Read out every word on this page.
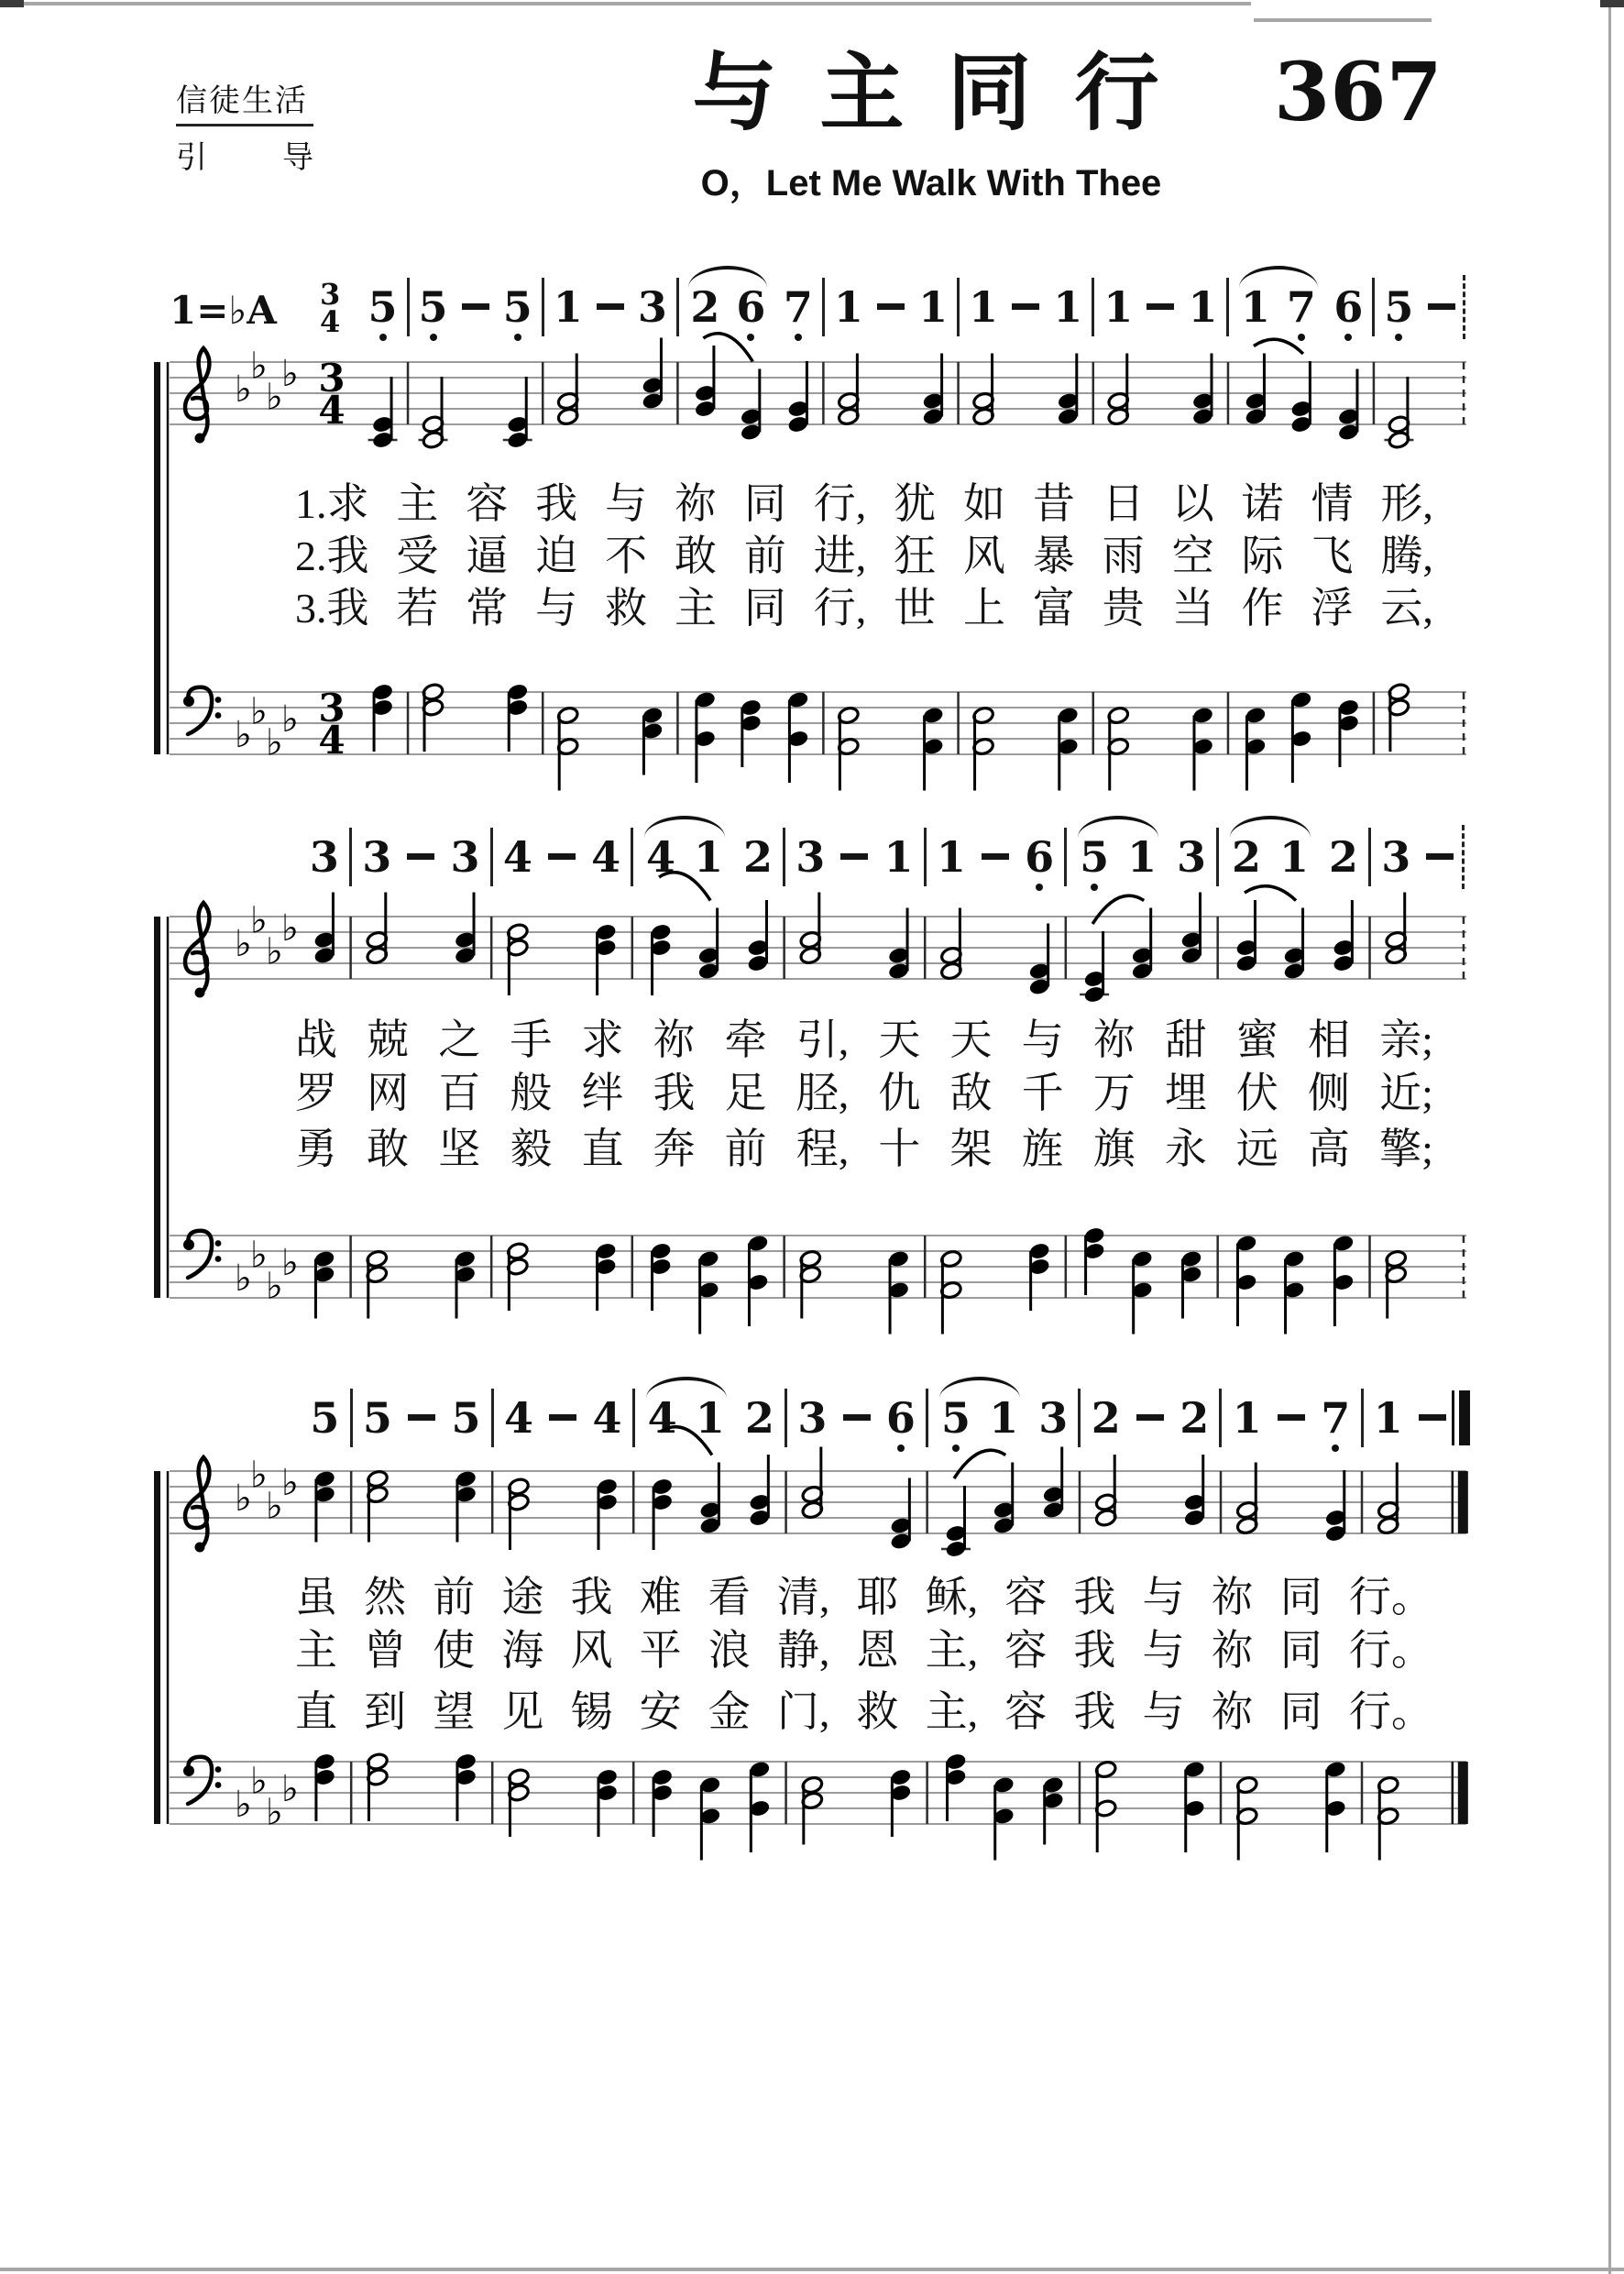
信徒生活
引 导
与 主 同 行
O，Let Me Walk With Thee
367
1=♭A	3
4 5 5	5 1	3 2 6 7 1	1 1	1 1	1 1 7 6 5
1.求 主 容 我 与 祢 同 行, 犹 如 昔 日 以 诺 情 形,
2.我 受 逼 迫 不 敢 前 进, 狂 风 暴 雨 空 际 飞 腾,
3.我 若 常 与 救 主 同 行, 世 上 富 贵 当 作 浮 云,
3 3	3 4	4 4 1 2 3	1 1	6 5 1 3 2 1 2 3
战 兢 之 手 求 祢 牵 引, 天 天 与 祢 甜 蜜 相 亲;
罗 网 百 般 绊 我 足 胫, 仇 敌 千 万 埋 伏 侧 近;
勇 敢 坚 毅 直 奔 前 程, 十 架 旌 旗 永 远 高 擎;
5 5	5 4	4 4 1 2 3	6 5 1 3 2	2 1	7 1
虽 然 前 途 我 难 看 清, 耶 稣, 容 我 与 祢 同 行。
主 曾 使 海 风 平 浪 静, 恩 主, 容 我 与 祢 同 行。
直 到 望 见 锡 安 金 门, 救 主, 容 我 与 祢 同 行。
♭
♭
♭
♭
♭
♭
♭
♭
3
4
3
4
♭
♭
♭
♭
♭
♭
♭
♭
♭
♭
♭
♭
♭
♭
♭
♭
